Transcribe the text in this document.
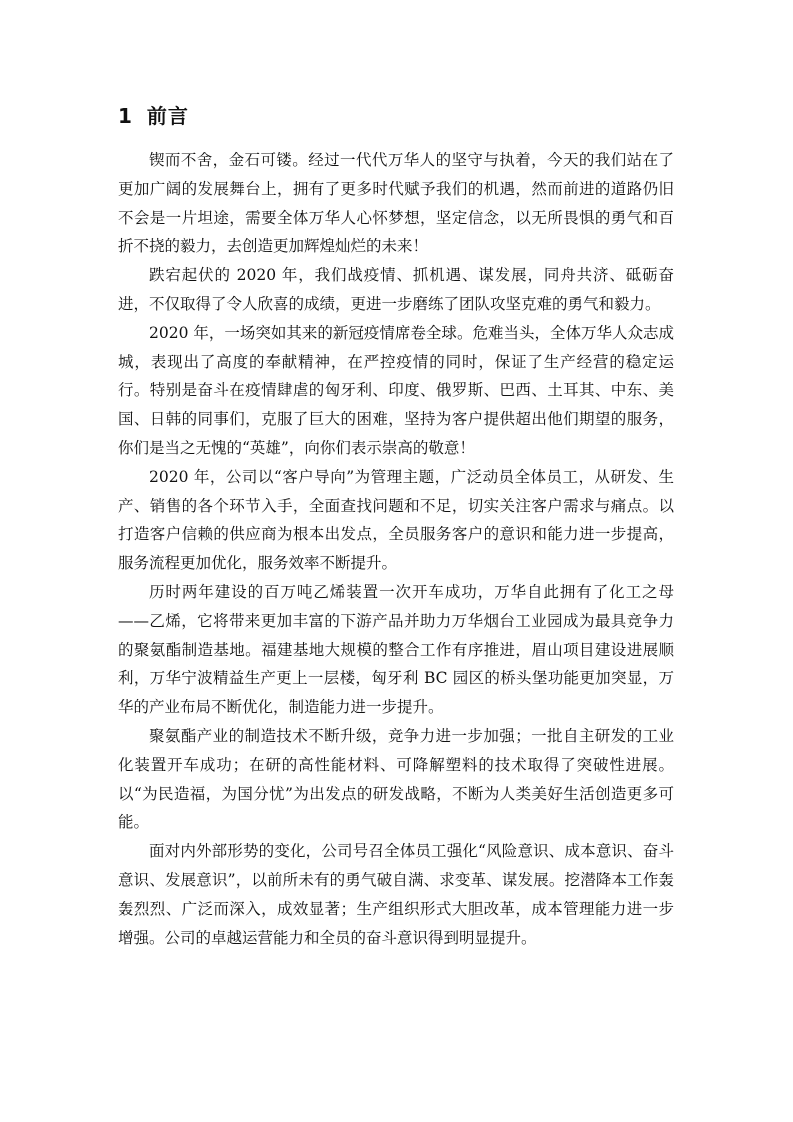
1 前言

锲而不舍，金石可镂。经过一代代万华人的坚守与执着，今天的我们站在了更加广阔的发展舞台上，拥有了更多时代赋予我们的机遇，然而前进的道路仍旧不会是一片坦途，需要全体万华人心怀梦想，坚定信念，以无所畏惧的勇气和百折不挠的毅力，去创造更加辉煌灿烂的未来！

跌宕起伏的 2020 年，我们战疫情、抓机遇、谋发展，同舟共济、砥砺奋进，不仅取得了令人欣喜的成绩，更进一步磨练了团队攻坚克难的勇气和毅力。

2020 年，一场突如其来的新冠疫情席卷全球。危难当头，全体万华人众志成城，表现出了高度的奉献精神，在严控疫情的同时，保证了生产经营的稳定运行。特别是奋斗在疫情肆虐的匈牙利、印度、俄罗斯、巴西、土耳其、中东、美国、日韩的同事们，克服了巨大的困难，坚持为客户提供超出他们期望的服务，你们是当之无愧的“英雄”，向你们表示崇高的敬意！

2020 年，公司以“客户导向”为管理主题，广泛动员全体员工，从研发、生产、销售的各个环节入手，全面查找问题和不足，切实关注客户需求与痛点。以打造客户信赖的供应商为根本出发点，全员服务客户的意识和能力进一步提高，服务流程更加优化，服务效率不断提升。

历时两年建设的百万吨乙烯装置一次开车成功，万华自此拥有了化工之母——乙烯，它将带来更加丰富的下游产品并助力万华烟台工业园成为最具竞争力的聚氨酯制造基地。福建基地大规模的整合工作有序推进，眉山项目建设进展顺利，万华宁波精益生产更上一层楼，匈牙利 BC 园区的桥头堡功能更加突显，万华的产业布局不断优化，制造能力进一步提升。

聚氨酯产业的制造技术不断升级，竞争力进一步加强；一批自主研发的工业化装置开车成功；在研的高性能材料、可降解塑料的技术取得了突破性进展。以“为民造福，为国分忧”为出发点的研发战略，不断为人类美好生活创造更多可能。

面对内外部形势的变化，公司号召全体员工强化“风险意识、成本意识、奋斗意识、发展意识”，以前所未有的勇气破自满、求变革、谋发展。挖潜降本工作轰轰烈烈、广泛而深入，成效显著；生产组织形式大胆改革，成本管理能力进一步增强。公司的卓越运营能力和全员的奋斗意识得到明显提升。
